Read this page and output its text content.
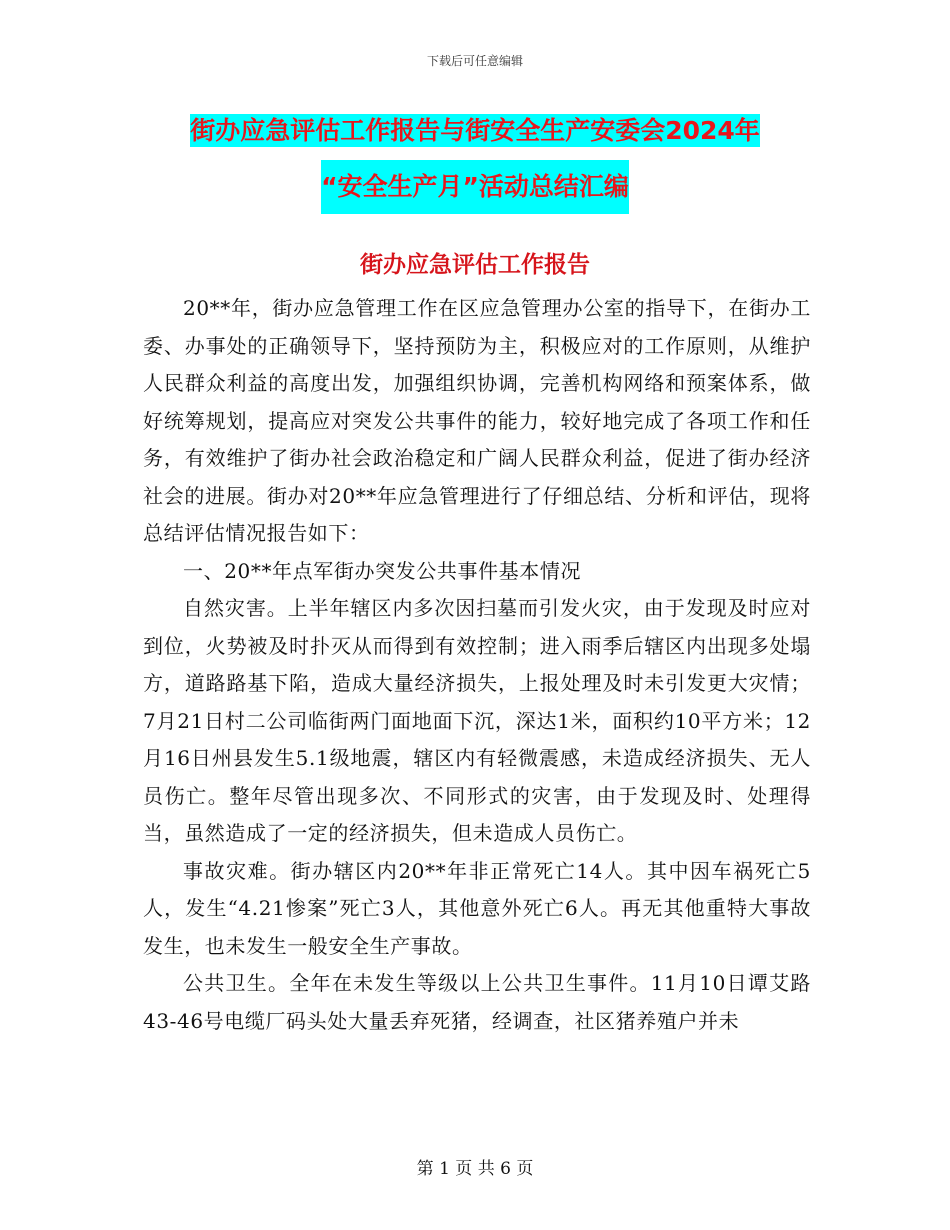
下载后可任意编辑
街办应急评估工作报告与街安全生产安委会2024年
“安全生产月”活动总结汇编
街办应急评估工作报告

20**年，街办应急管理工作在区应急管理办公室的指导下，在街办工委、办事处的正确领导下，坚持预防为主，积极应对的工作原则，从维护人民群众利益的高度出发，加强组织协调，完善机构网络和预案体系，做好统筹规划，提高应对突发公共事件的能力，较好地完成了各项工作和任务，有效维护了街办社会政治稳定和广阔人民群众利益，促进了街办经济社会的进展。街办对20**年应急管理进行了仔细总结、分析和评估，现将总结评估情况报告如下：

一、20**年点军街办突发公共事件基本情况

自然灾害。上半年辖区内多次因扫墓而引发火灾，由于发现及时应对到位，火势被及时扑灭从而得到有效控制；进入雨季后辖区内出现多处塌方，道路路基下陷，造成大量经济损失，上报处理及时未引发更大灾情；7月21日村二公司临街两门面地面下沉，深达1米，面积约10平方米；12月16日州县发生5.1级地震，辖区内有轻微震感，未造成经济损失、无人员伤亡。整年尽管出现多次、不同形式的灾害，由于发现及时、处理得当，虽然造成了一定的经济损失，但未造成人员伤亡。

事故灾难。街办辖区内20**年非正常死亡14人。其中因车祸死亡5人，发生“4.21惨案”死亡3人，其他意外死亡6人。再无其他重特大事故发生，也未发生一般安全生产事故。

公共卫生。全年在未发生等级以上公共卫生事件。11月10日谭艾路43-46号电缆厂码头处大量丢弃死猪，经调查，社区猪养殖户并未

第 1 页 共 6 页
